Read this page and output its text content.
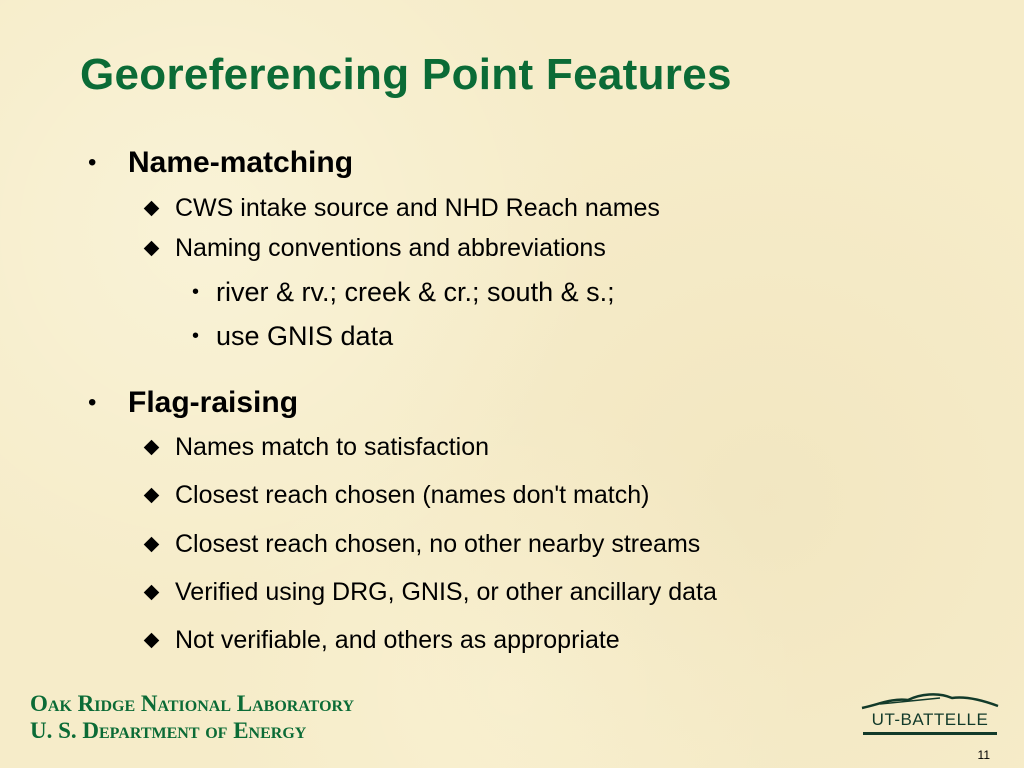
Georeferencing Point Features
•	Name-matching
CWS intake source and NHD Reach names
Naming conventions and abbreviations
• river & rv.; creek & cr.; south & s.;
• use GNIS data
•	Flag-raising
Names match to satisfaction
Closest reach chosen (names don't match)
Closest reach chosen, no other nearby streams
Verified using DRG, GNIS, or other ancillary data
Not verifiable, and others as appropriate
Oak Ridge National Laboratory
U. S. Department of Energy	UT-BATTELLE
11
